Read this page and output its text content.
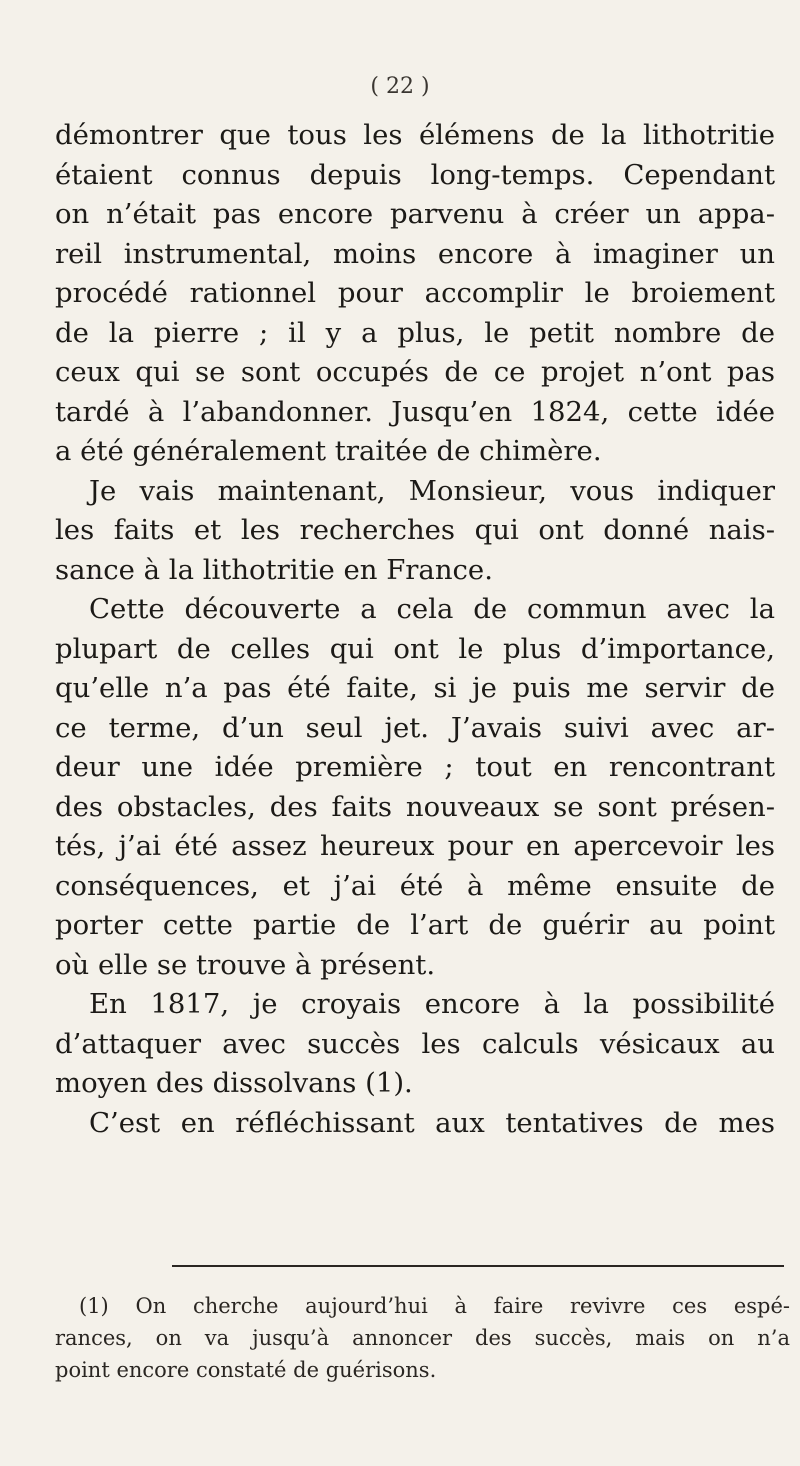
( 22 )
démontrer que tous les élémens de la lithotritie
étaient connus depuis long-temps. Cependant
on n’était pas encore parvenu à créer un appa-
reil instrumental, moins encore à imaginer un
procédé rationnel pour accomplir le broiement
de la pierre ; il y a plus, le petit nombre de
ceux qui se sont occupés de ce projet n’ont pas
tardé à l’abandonner. Jusqu’en 1824, cette idée
a été généralement traitée de chimère.
Je vais maintenant, Monsieur, vous indiquer
les faits et les recherches qui ont donné nais-
sance à la lithotritie en France.
Cette découverte a cela de commun avec la
plupart de celles qui ont le plus d’importance,
qu’elle n’a pas été faite, si je puis me servir de
ce terme, d’un seul jet. J’avais suivi avec ar-
deur une idée première ; tout en rencontrant
des obstacles, des faits nouveaux se sont présen-
tés, j’ai été assez heureux pour en apercevoir les
conséquences, et j’ai été à même ensuite de
porter cette partie de l’art de guérir au point
où elle se trouve à présent.
En 1817, je croyais encore à la possibilité
d’attaquer avec succès les calculs vésicaux au
moyen des dissolvans (1).
C’est en réfléchissant aux tentatives de mes
(1) On cherche aujourd’hui à faire revivre ces espé-
rances, on va jusqu’à annoncer des succès, mais on n’a
point encore constaté de guérisons.
